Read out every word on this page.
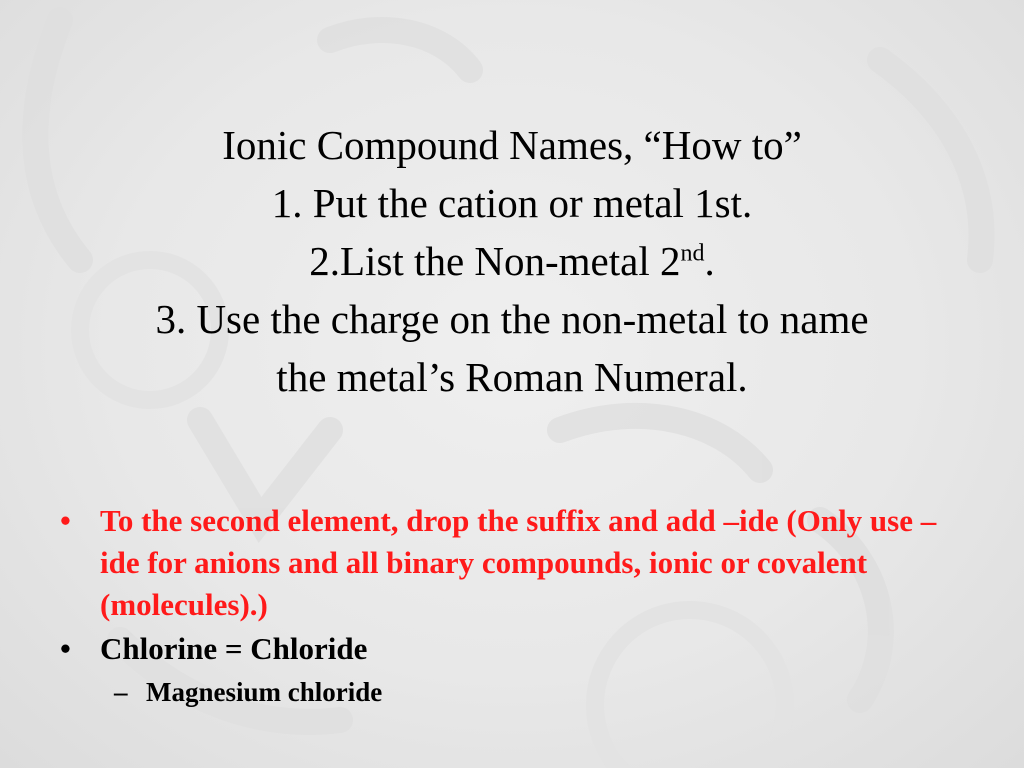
Ionic Compound Names, “How to”
1. Put the cation or metal 1st.
2.List the Non-metal 2nd.
3. Use the charge on the non-metal to name
the metal’s Roman Numeral.
• To the second element, drop the suffix and add –ide (Only use –ide for anions and all binary compounds, ionic or covalent (molecules).)
• Chlorine = Chloride
– Magnesium chloride
